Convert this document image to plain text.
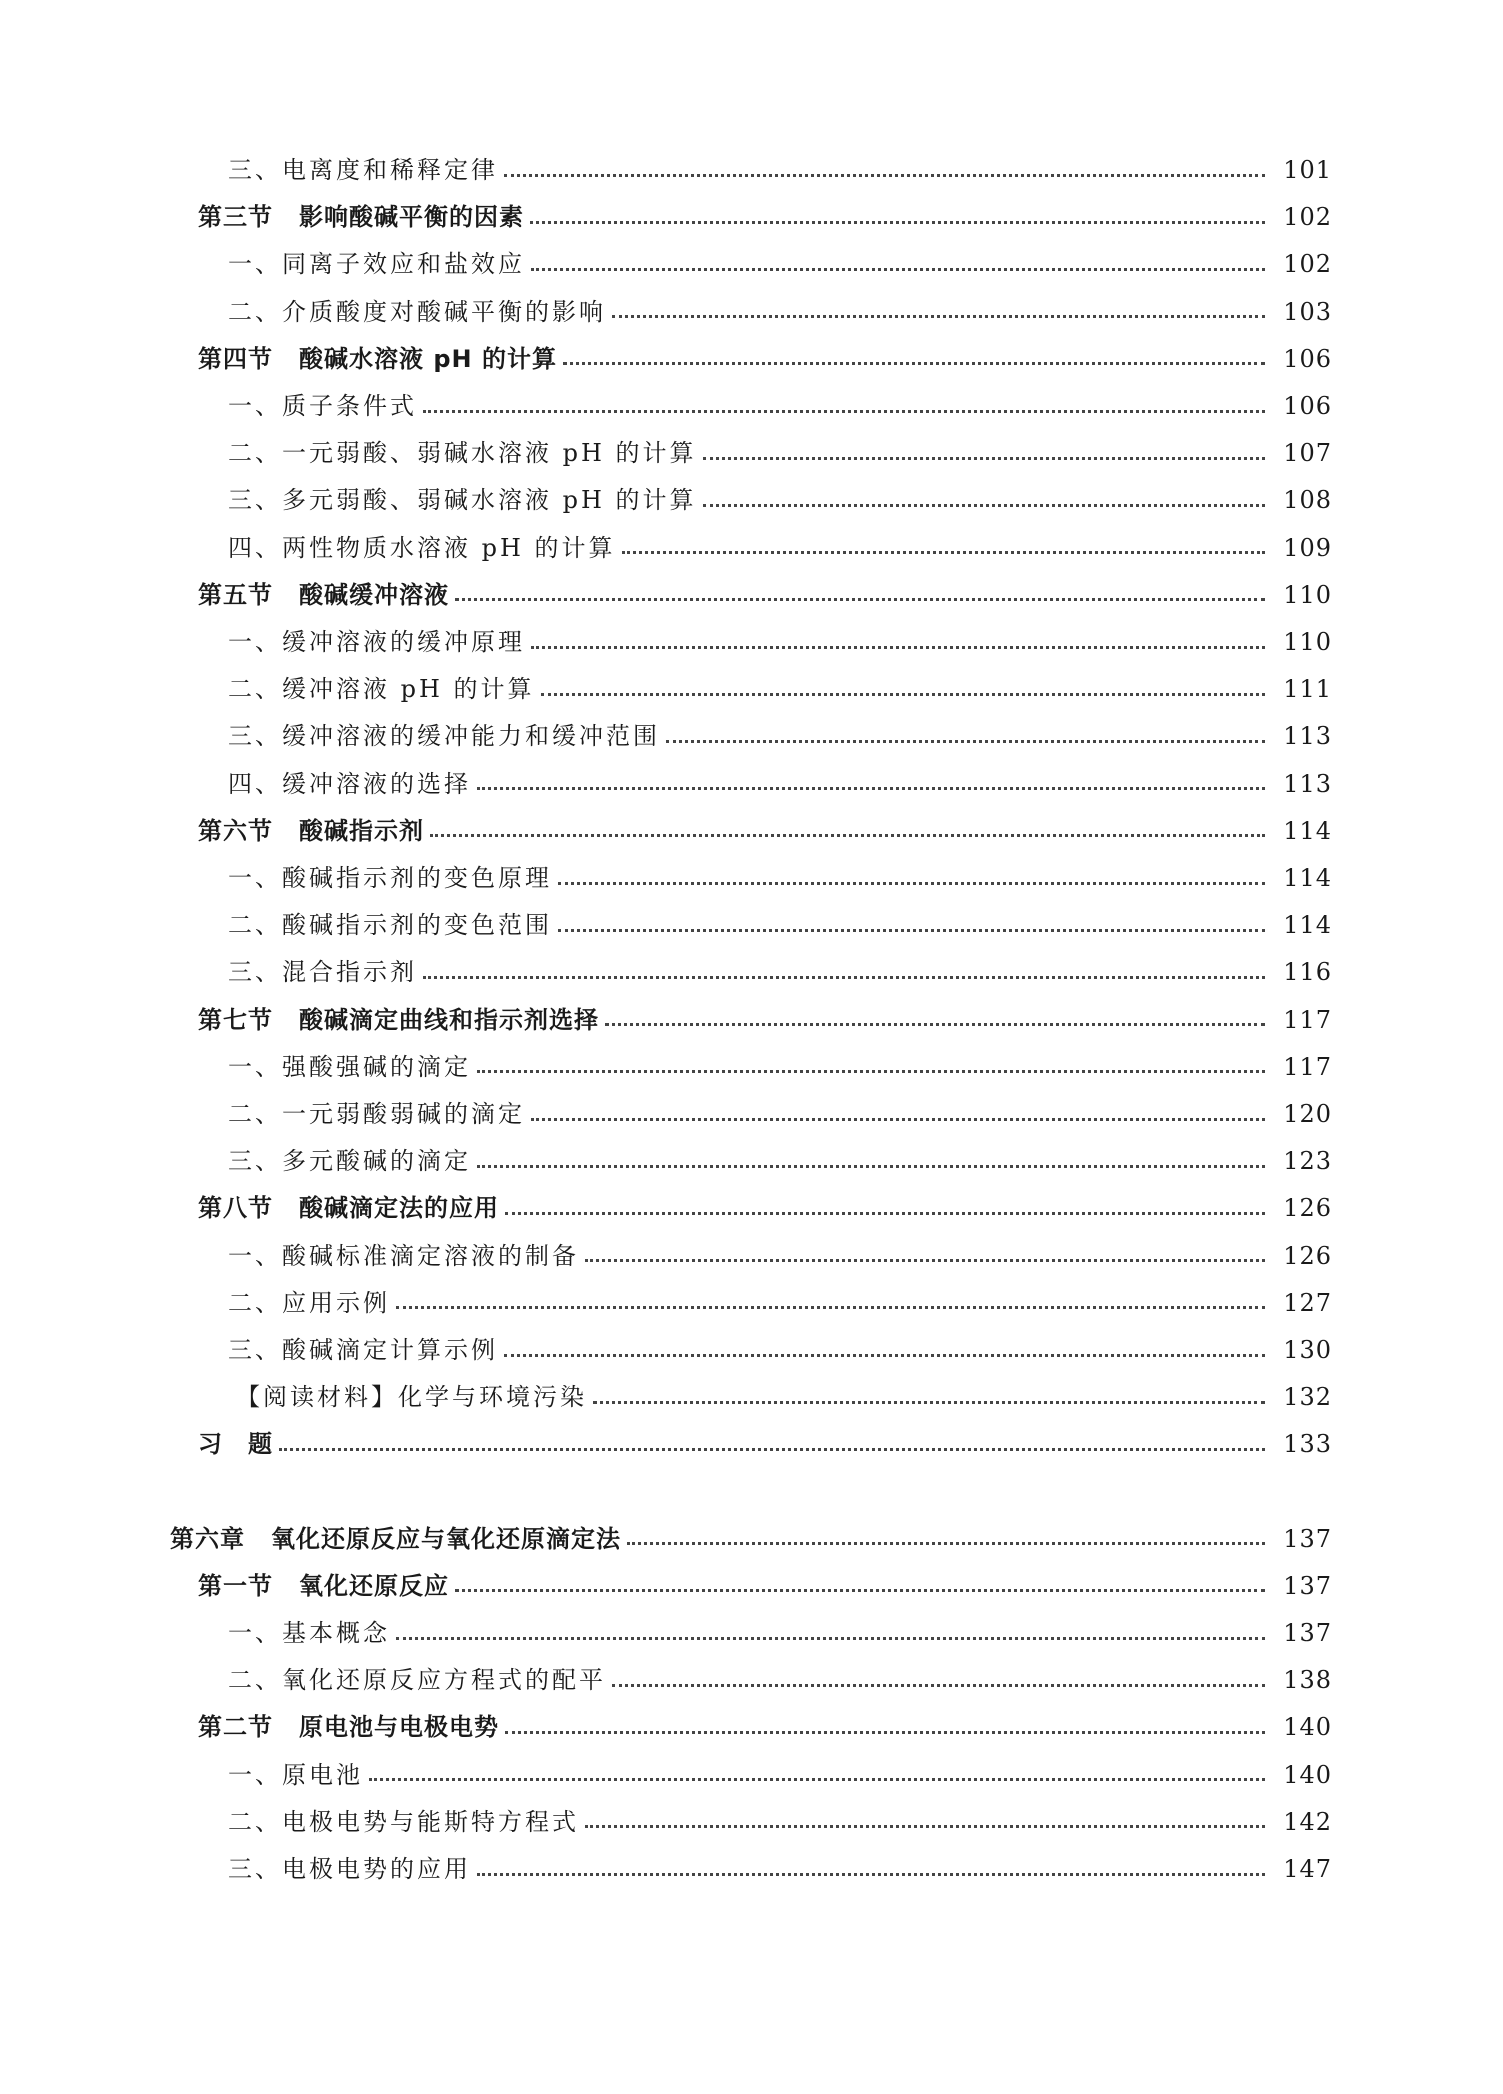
三、电离度和稀释定律	101
第三节 影响酸碱平衡的因素	102
一、同离子效应和盐效应	102
二、介质酸度对酸碱平衡的影响	103
第四节 酸碱水溶液 pH 的计算	106
一、质子条件式	106
二、一元弱酸、弱碱水溶液 pH 的计算	107
三、多元弱酸、弱碱水溶液 pH 的计算	108
四、两性物质水溶液 pH 的计算	109
第五节 酸碱缓冲溶液	110
一、缓冲溶液的缓冲原理	110
二、缓冲溶液 pH 的计算	111
三、缓冲溶液的缓冲能力和缓冲范围	113
四、缓冲溶液的选择	113
第六节 酸碱指示剂	114
一、酸碱指示剂的变色原理	114
二、酸碱指示剂的变色范围	114
三、混合指示剂	116
第七节 酸碱滴定曲线和指示剂选择	117
一、强酸强碱的滴定	117
二、一元弱酸弱碱的滴定	120
三、多元酸碱的滴定	123
第八节 酸碱滴定法的应用	126
一、酸碱标准滴定溶液的制备	126
二、应用示例	127
三、酸碱滴定计算示例	130
【阅读材料】化学与环境污染	132
习　题	133
第六章 氧化还原反应与氧化还原滴定法	137
第一节 氧化还原反应	137
一、基本概念	137
二、氧化还原反应方程式的配平	138
第二节 原电池与电极电势	140
一、原电池	140
二、电极电势与能斯特方程式	142
三、电极电势的应用	147
